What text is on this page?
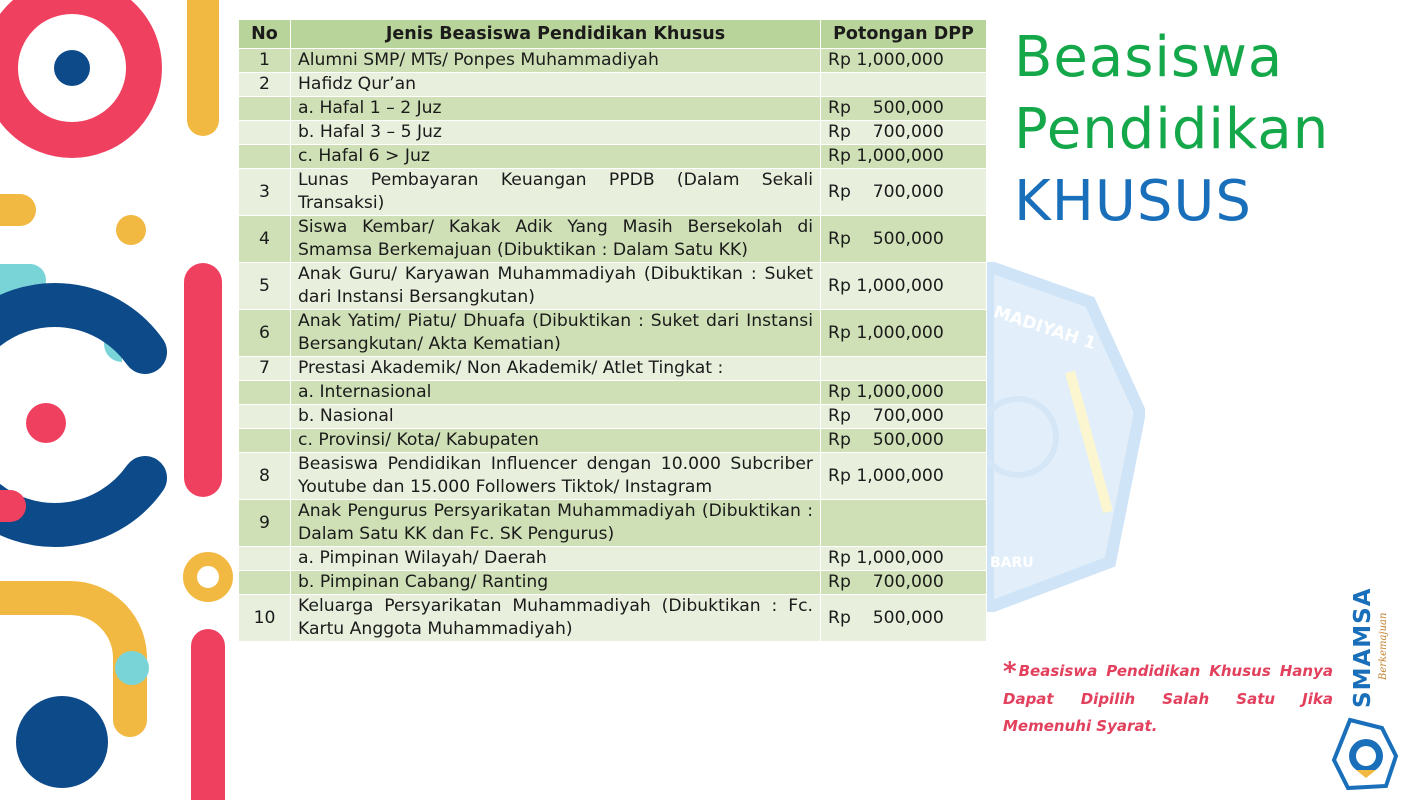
MADIYAH 1
BARU
No	Jenis Beasiswa Pendidikan Khusus	Potongan DPP
1	Alumni SMP/ MTs/ Ponpes Muhammadiyah	Rp 1,000,000
2	Hafidz Qur’an	
	a. Hafal 1 – 2 Juz	Rp    500,000
	b. Hafal 3 – 5 Juz	Rp    700,000
	c. Hafal 6 > Juz	Rp 1,000,000
3	Lunas Pembayaran Keuangan PPDB (Dalam Sekali Transaksi)	Rp    700,000
4	Siswa Kembar/ Kakak Adik Yang Masih Bersekolah di Smamsa Berkemajuan (Dibuktikan : Dalam Satu KK)	Rp    500,000
5	Anak Guru/ Karyawan Muhammadiyah (Dibuktikan : Suket dari Instansi Bersangkutan)	Rp 1,000,000
6	Anak Yatim/ Piatu/ Dhuafa (Dibuktikan : Suket dari Instansi Bersangkutan/ Akta Kematian)	Rp 1,000,000
7	Prestasi Akademik/ Non Akademik/ Atlet Tingkat :	
	a. Internasional	Rp 1,000,000
	b. Nasional	Rp    700,000
	c. Provinsi/ Kota/ Kabupaten	Rp    500,000
8	Beasiswa Pendidikan Influencer dengan 10.000 Subcriber Youtube dan 15.000 Followers Tiktok/ Instagram	Rp 1,000,000
9	Anak Pengurus Persyarikatan Muhammadiyah (Dibuktikan : Dalam Satu KK dan Fc. SK Pengurus)	
	a. Pimpinan Wilayah/ Daerah	Rp 1,000,000
	b. Pimpinan Cabang/ Ranting	Rp    700,000
10	Keluarga Persyarikatan Muhammadiyah (Dibuktikan : Fc. Kartu Anggota Muhammadiyah)	Rp    500,000
Beasiswa
Pendidikan
KHUSUS

* Beasiswa Pendidikan Khusus Hanya Dapat Dipilih Salah Satu Jika Memenuhi Syarat.

SMAMSA Berkemajuan
